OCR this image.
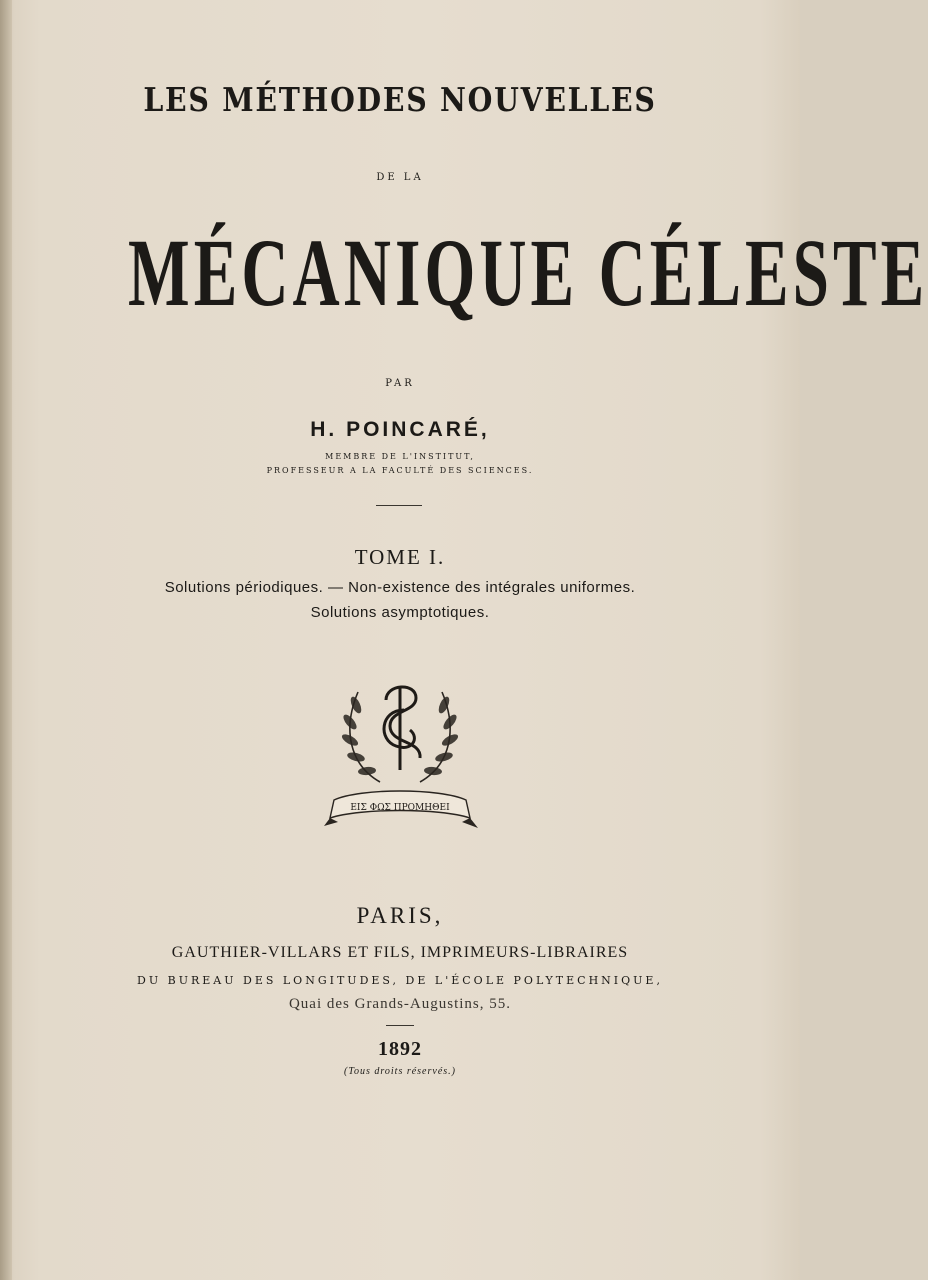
LES MÉTHODES NOUVELLES
DE LA
MÉCANIQUE CÉLESTE
PAR
H. POINCARÉ,
MEMBRE DE L'INSTITUT,
PROFESSEUR A LA FACULTÉ DES SCIENCES.
TOME I.
Solutions périodiques. — Non-existence des intégrales uniformes.
Solutions asymptotiques.
EIΣ ΦΩΣ ΠΡΟΜΗΘΕΙ
PARIS,
GAUTHIER-VILLARS ET FILS, IMPRIMEURS-LIBRAIRES
DU BUREAU DES LONGITUDES, DE L'ÉCOLE POLYTECHNIQUE,
Quai des Grands-Augustins, 55.
1892
(Tous droits réservés.)
